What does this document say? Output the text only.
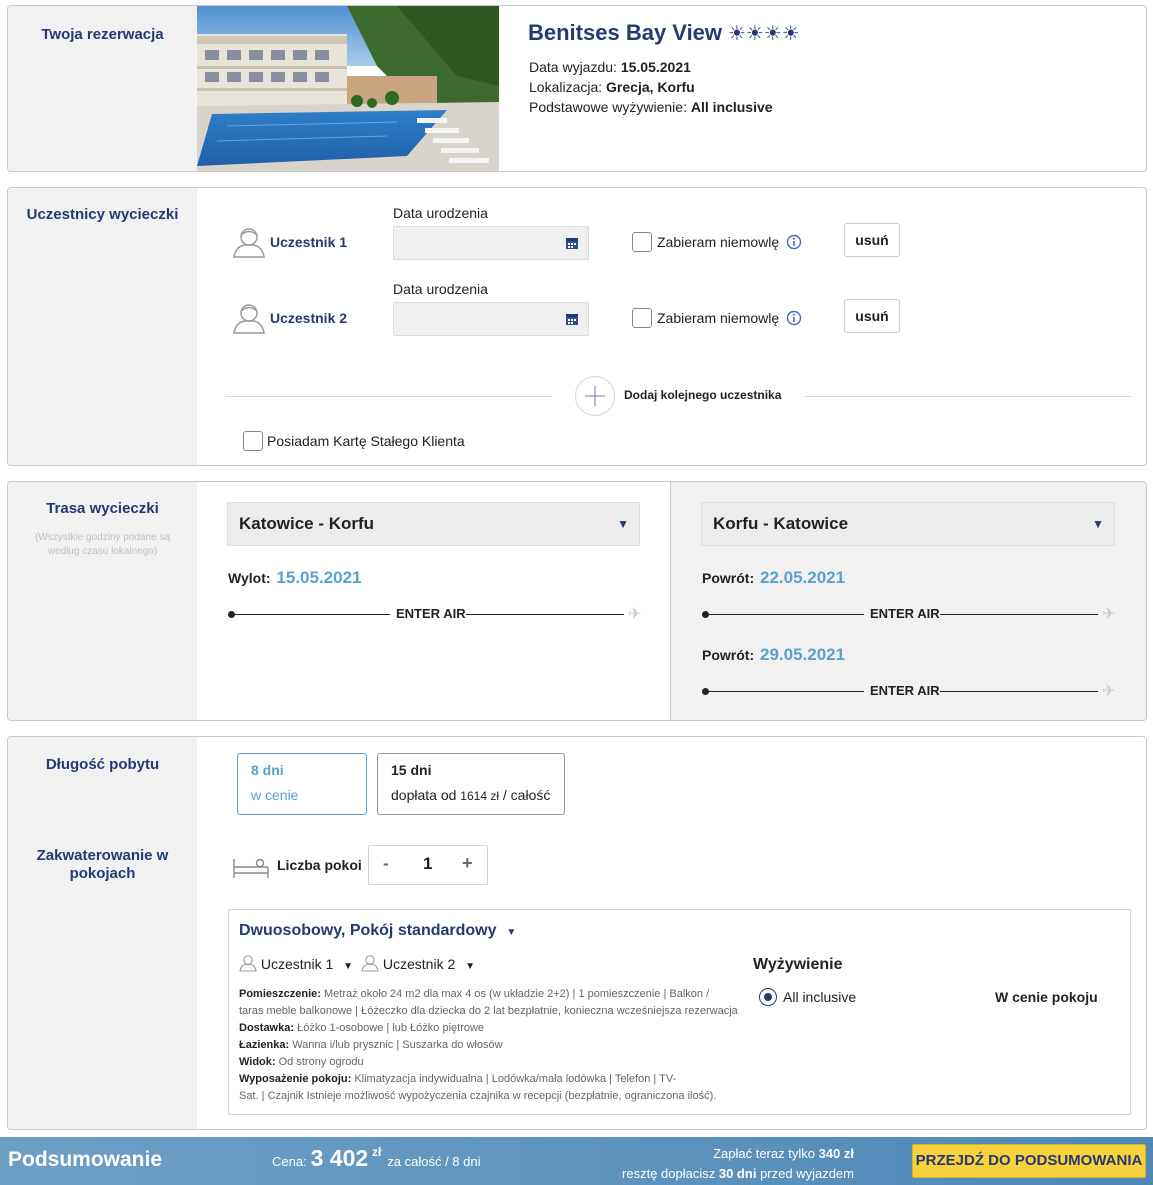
Twoja rezerwacja	Benitses Bay View ☀☀☀☀
Data wyjazdu: 15.05.2021
Lokalizacja: Grecja, Korfu
Podstawowe wyżywienie: All inclusive
Uczestnicy wycieczki
Uczestnik 1
Data urodzenia
Zabieram niemowlę	usuń
Uczestnik 2
Data urodzenia
Zabieram niemowlę	usuń
Dodaj kolejnego uczestnika
Posiadam Kartę Stałego Klienta
Trasa wycieczki
(Wszystkie godziny podane są według czasu lokalnego)
Katowice - Korfu	▼
Wylot: 15.05.2021
ENTER AIR	✈
Korfu - Katowice	▼
Powrót: 22.05.2021
ENTER AIR	✈
Powrót: 29.05.2021
ENTER AIR	✈
Długość pobytu
Zakwaterowanie w pokojach
8 dni
w cenie
15 dni
dopłata od 1614 zł / całość
Liczba pokoi - 1 +
Dwuosobowy, Pokój standardowy ▼
Uczestnik 1 ▼	Uczestnik 2 ▼
Pomieszczenie: Metraż około 24 m2 dla max 4 os (w układzie 2+2) | 1 pomieszczenie | Balkon /
taras meble balkonowe | Łóżeczko dla dziecka do 2 lat bezpłatnie, konieczna wcześniejsza rezerwacja
Dostawka: Łóżko 1-osobowe | lub Łóżko piętrowe
Łazienka: Wanna i/lub prysznic | Suszarka do włosów
Widok: Od strony ogrodu
Wyposażenie pokoju: Klimatyzacja indywidualna | Lodówka/mała lodówka | Telefon | TV-
Sat. | Czajnik Istnieje możliwość wypożyczenia czajnika w recepcji (bezpłatnie, ograniczona ilość).
Wyżywienie
All inclusive	W cenie pokoju
Podsumowanie	Cena: 3 402 zł za całość / 8 dni
Zapłać teraz tylko 340 zł
resztę dopłacisz 30 dni przed wyjazdem
PRZEJDŹ DO PODSUMOWANIA
